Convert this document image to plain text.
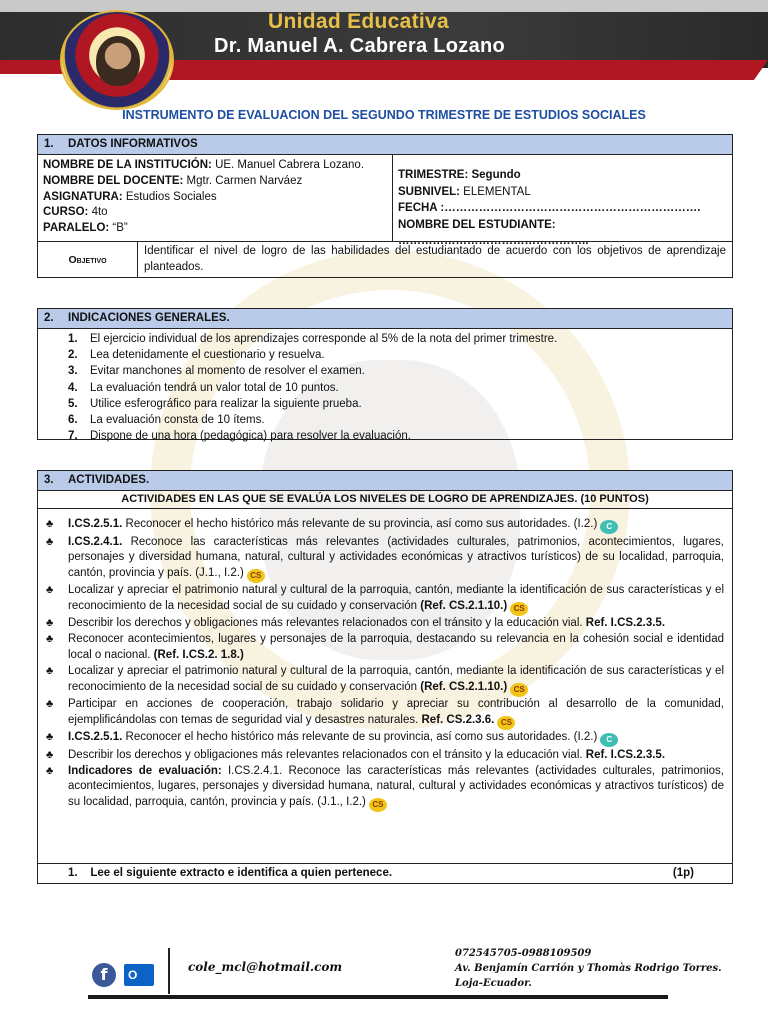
Unidad Educativa
Dr. Manuel A. Cabrera Lozano
INSTRUMENTO DE EVALUACION DEL SEGUNDO TRIMESTRE DE ESTUDIOS SOCIALES
1. DATOS INFORMATIVOS
NOMBRE DE LA INSTITUCIÓN: UE. Manuel Cabrera Lozano.
NOMBRE DEL DOCENTE: Mgtr. Carmen Narváez
ASIGNATURA: Estudios Sociales
CURSO: 4to
PARALELO: “B”
TRIMESTRE: Segundo
SUBNIVEL: ELEMENTAL
FECHA :………………………………………………………….
NOMBRE DEL ESTUDIANTE: …………………………………………..
Objetivo
Identificar el nivel de logro de las habilidades del estudiantado de acuerdo con los objetivos de aprendizaje planteados.
2. INDICACIONES GENERALES.
1. El ejercicio individual de los aprendizajes corresponde al 5% de la nota del primer trimestre.
2. Lea detenidamente el cuestionario y resuelva.
3. Evitar manchones al momento de resolver el examen.
4. La evaluación tendrá un valor total de 10 puntos.
5. Utilice esferográfico para realizar la siguiente prueba.
6. La evaluación consta de 10 ítems.
7. Dispone de una hora (pedagógica) para resolver la evaluación.
3. ACTIVIDADES.
ACTIVIDADES EN LAS QUE SE EVALÚA LOS NIVELES DE LOGRO DE APRENDIZAJES. (10 PUNTOS)
♣ I.CS.2.5.1. Reconocer el hecho histórico más relevante de su provincia, así como sus autoridades. (I.2.) C
♣ I.CS.2.4.1. Reconoce las características más relevantes (actividades culturales, patrimonios, acontecimientos, lugares, personajes y diversidad humana, natural, cultural y actividades económicas y atractivos turísticos) de su localidad, parroquia, cantón, provincia y país. (J.1., I.2.) CS
♣ Localizar y apreciar el patrimonio natural y cultural de la parroquia, cantón, mediante la identificación de sus características y el reconocimiento de la necesidad social de su cuidado y conservación (Ref. CS.2.1.10.) CS
♣ Describir los derechos y obligaciones más relevantes relacionados con el tránsito y la educación vial. Ref. I.CS.2.3.5.
♣ Reconocer acontecimientos, lugares y personajes de la parroquia, destacando su relevancia en la cohesión social e identidad local o nacional. (Ref. I.CS.2. 1.8.)
♣ Localizar y apreciar el patrimonio natural y cultural de la parroquia, cantón, mediante la identificación de sus características y el reconocimiento de la necesidad social de su cuidado y conservación (Ref. CS.2.1.10.) CS
♣ Participar en acciones de cooperación, trabajo solidario y apreciar su contribución al desarrollo de la comunidad, ejemplificándolas con temas de seguridad vial y desastres naturales. Ref. CS.2.3.6. CS
♣ I.CS.2.5.1. Reconocer el hecho histórico más relevante de su provincia, así como sus autoridades. (I.2.) C
♣ Describir los derechos y obligaciones más relevantes relacionados con el tránsito y la educación vial. Ref. I.CS.2.3.5.
♣ Indicadores de evaluación: I.CS.2.4.1. Reconoce las características más relevantes (actividades culturales, patrimonios, acontecimientos, lugares, personajes y diversidad humana, natural, cultural y actividades económicas y atractivos turísticos) de su localidad, parroquia, cantón, provincia y país. (J.1., I.2.) CS
1. Lee el siguiente extracto e identifica a quien pertenece.	(1p)
f	O
cole_mcl@hotmail.com
072545705-0988109509
Av. Benjamín Carrión y Thomàs Rodrigo Torres.
Loja-Ecuador.
